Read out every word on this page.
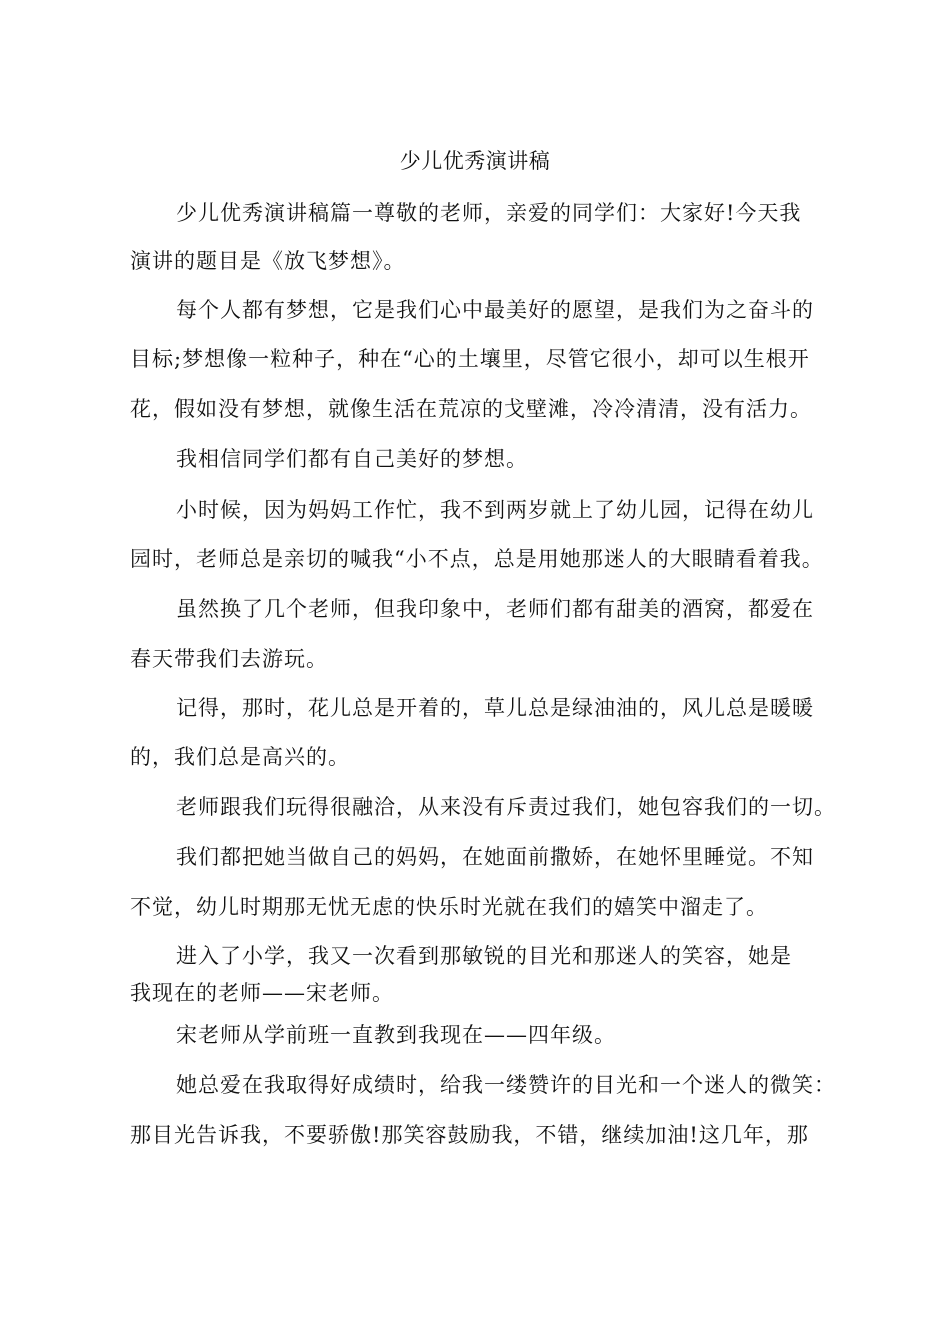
少儿优秀演讲稿
少儿优秀演讲稿篇一尊敬的老师，亲爱的同学们：大家好!今天我
演讲的题目是《放飞梦想》。
每个人都有梦想，它是我们心中最美好的愿望，是我们为之奋斗的
目标;梦想像一粒种子，种在“心的土壤里，尽管它很小，却可以生根开
花，假如没有梦想，就像生活在荒凉的戈壁滩，冷冷清清，没有活力。
我相信同学们都有自己美好的梦想。
小时候，因为妈妈工作忙，我不到两岁就上了幼儿园，记得在幼儿
园时，老师总是亲切的喊我“小不点，总是用她那迷人的大眼睛看着我。
虽然换了几个老师，但我印象中，老师们都有甜美的酒窝，都爱在
春天带我们去游玩。
记得，那时，花儿总是开着的，草儿总是绿油油的，风儿总是暖暖
的，我们总是高兴的。
老师跟我们玩得很融洽，从来没有斥责过我们，她包容我们的一切。
我们都把她当做自己的妈妈，在她面前撒娇，在她怀里睡觉。不知
不觉，幼儿时期那无忧无虑的快乐时光就在我们的嬉笑中溜走了。
进入了小学，我又一次看到那敏锐的目光和那迷人的笑容，她是
我现在的老师——宋老师。
宋老师从学前班一直教到我现在——四年级。
她总爱在我取得好成绩时，给我一缕赞许的目光和一个迷人的微笑：
那目光告诉我，不要骄傲!那笑容鼓励我，不错，继续加油!这几年，那
